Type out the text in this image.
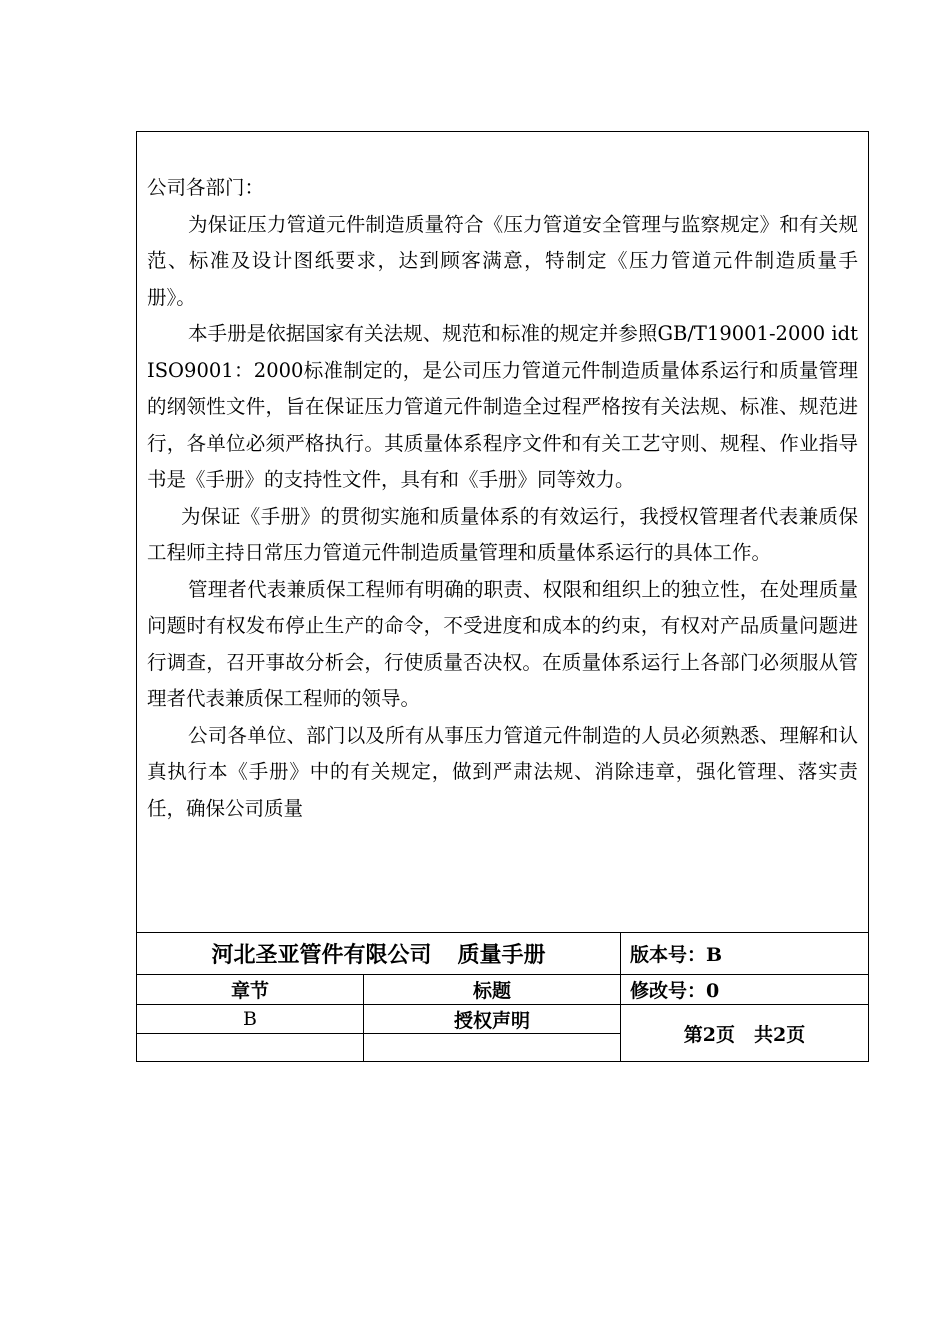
公司各部门：

为保证压力管道元件制造质量符合《压力管道安全管理与监察规定》和有关规范、标准及设计图纸要求，达到顾客满意，特制定《压力管道元件制造质量手册》。

本手册是依据国家有关法规、规范和标准的规定并参照GB/T19001-2000 idt ISO9001：2000标准制定的，是公司压力管道元件制造质量体系运行和质量管理的纲领性文件，旨在保证压力管道元件制造全过程严格按有关法规、标准、规范进行，各单位必须严格执行。其质量体系程序文件和有关工艺守则、规程、作业指导书是《手册》的支持性文件，具有和《手册》同等效力。

为保证《手册》的贯彻实施和质量体系的有效运行，我授权管理者代表兼质保工程师主持日常压力管道元件制造质量管理和质量体系运行的具体工作。

管理者代表兼质保工程师有明确的职责、权限和组织上的独立性，在处理质量问题时有权发布停止生产的命令，不受进度和成本的约束，有权对产品质量问题进行调查，召开事故分析会，行使质量否决权。在质量体系运行上各部门必须服从管理者代表兼质保工程师的领导。

公司各单位、部门以及所有从事压力管道元件制造的人员必须熟悉、理解和认真执行本《手册》中的有关规定，做到严肃法规、消除违章，强化管理、落实责任，确保公司质量

河北圣亚管件有限公司 质量手册	版本号：B
章节	标题	修改号：0
B	授权声明
第2页　共2页
